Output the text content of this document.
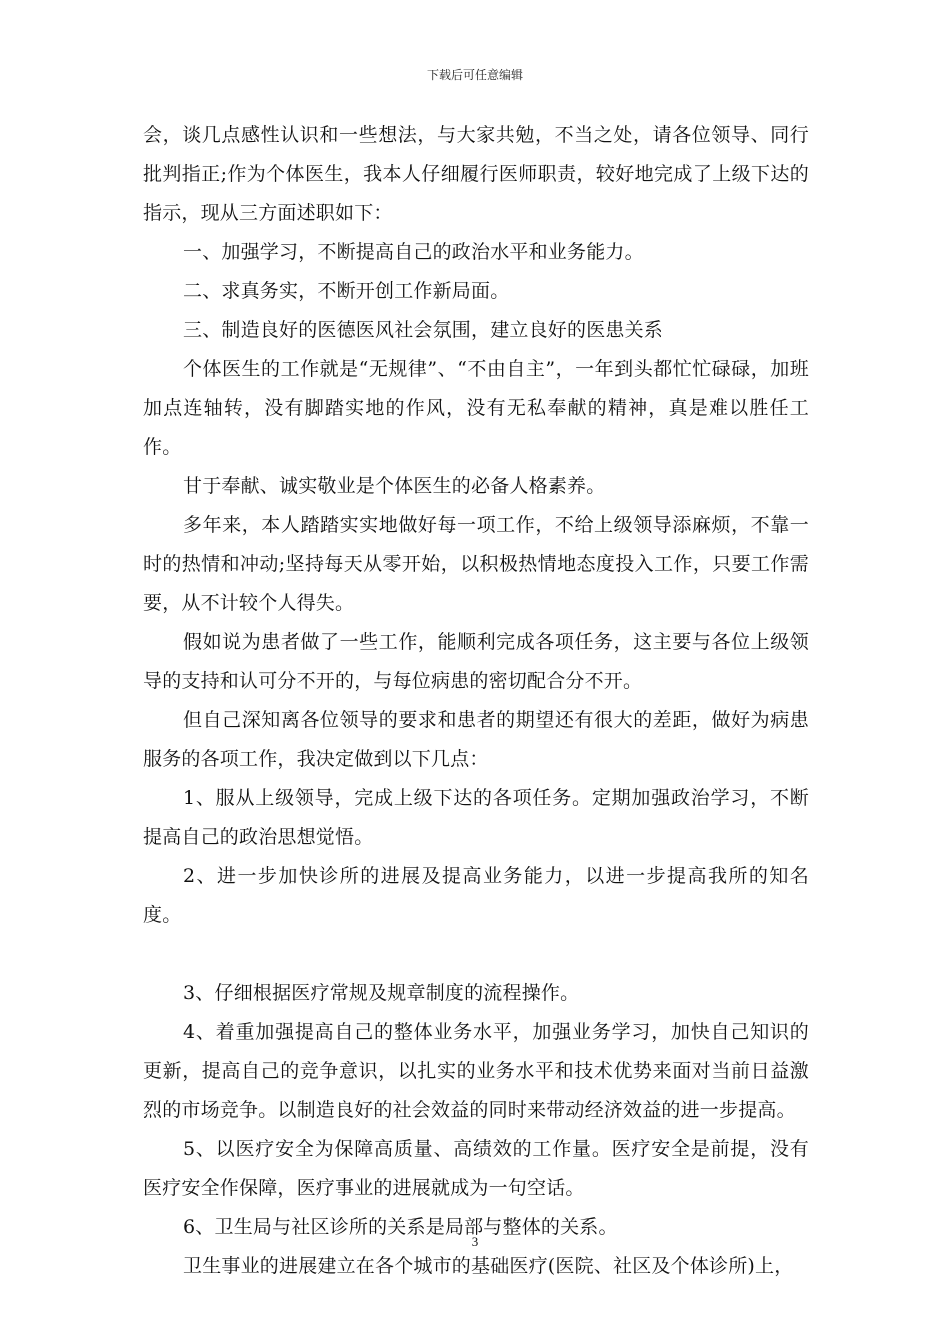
下载后可任意编辑

会，谈几点感性认识和一些想法，与大家共勉，不当之处，请各位领导、同行批判指正;作为个体医生，我本人仔细履行医师职责，较好地完成了上级下达的指示，现从三方面述职如下：

一、加强学习，不断提高自己的政治水平和业务能力。

二、求真务实，不断开创工作新局面。

三、制造良好的医德医风社会氛围，建立良好的医患关系

个体医生的工作就是“无规律”、“不由自主”，一年到头都忙忙碌碌，加班加点连轴转，没有脚踏实地的作风，没有无私奉献的精神，真是难以胜任工作。

甘于奉献、诚实敬业是个体医生的必备人格素养。

多年来，本人踏踏实实地做好每一项工作，不给上级领导添麻烦，不靠一时的热情和冲动;坚持每天从零开始，以积极热情地态度投入工作，只要工作需要，从不计较个人得失。

假如说为患者做了一些工作，能顺利完成各项任务，这主要与各位上级领导的支持和认可分不开的，与每位病患的密切配合分不开。

但自己深知离各位领导的要求和患者的期望还有很大的差距，做好为病患服务的各项工作，我决定做到以下几点：

1、服从上级领导，完成上级下达的各项任务。定期加强政治学习，不断提高自己的政治思想觉悟。

2、进一步加快诊所的进展及提高业务能力，以进一步提高我所的知名度。

3、仔细根据医疗常规及规章制度的流程操作。

4、着重加强提高自己的整体业务水平，加强业务学习，加快自己知识的更新，提高自己的竞争意识，以扎实的业务水平和技术优势来面对当前日益激烈的市场竞争。以制造良好的社会效益的同时来带动经济效益的进一步提高。

5、以医疗安全为保障高质量、高绩效的工作量。医疗安全是前提，没有医疗安全作保障，医疗事业的进展就成为一句空话。

6、卫生局与社区诊所的关系是局部与整体的关系。

卫生事业的进展建立在各个城市的基础医疗(医院、社区及个体诊所)上，

3
